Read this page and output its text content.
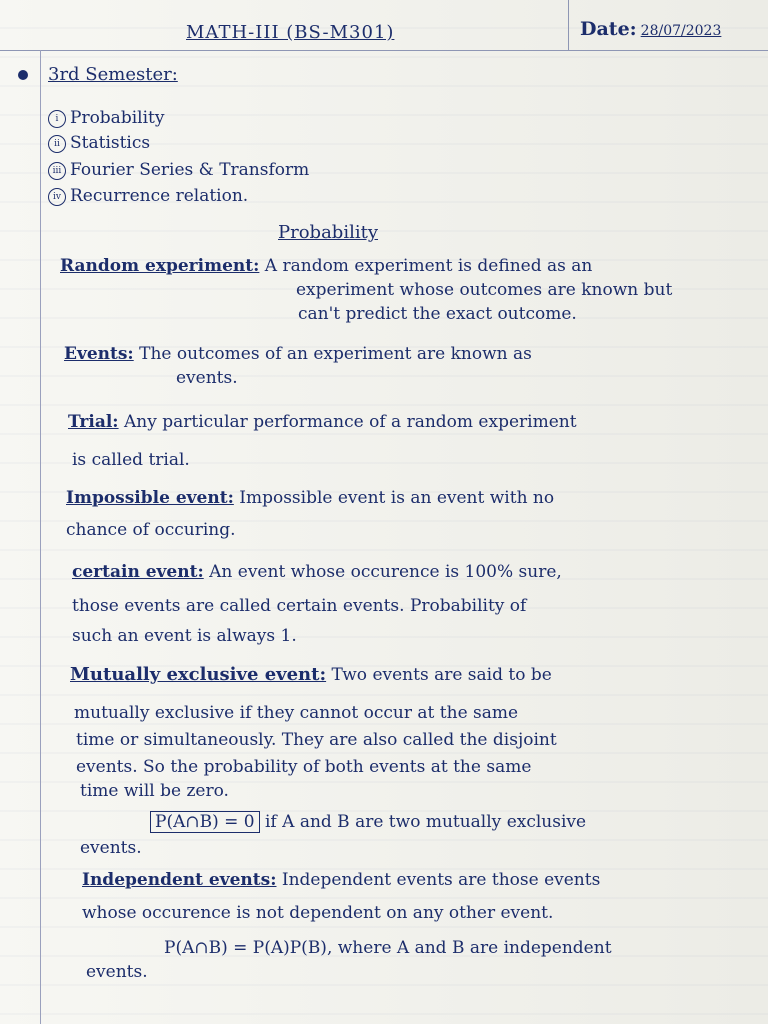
MATH-III (BS-M301)	Date: 28/07/2023
3rd Semester:
i Probability
ii Statistics
iii Fourier Series & Transform
iv Recurrence relation.
Probability
Random experiment: A random experiment is defined as an
experiment whose outcomes are known but
can't predict the exact outcome.
Events: The outcomes of an experiment are known as
events.
Trial: Any particular performance of a random experiment
is called trial.
Impossible event: Impossible event is an event with no
chance of occuring.
certain event: An event whose occurence is 100% sure,
those events are called certain events. Probability of
such an event is always 1.
Mutually exclusive event: Two events are said to be
mutually exclusive if they cannot occur at the same
time or simultaneously. They are also called the disjoint
events. So the probability of both events at the same
time will be zero.
P(A∩B) = 0 if A and B are two mutually exclusive
events.
Independent events: Independent events are those events
whose occurence is not dependent on any other event.
P(A∩B) = P(A)P(B), where A and B are independent
events.
